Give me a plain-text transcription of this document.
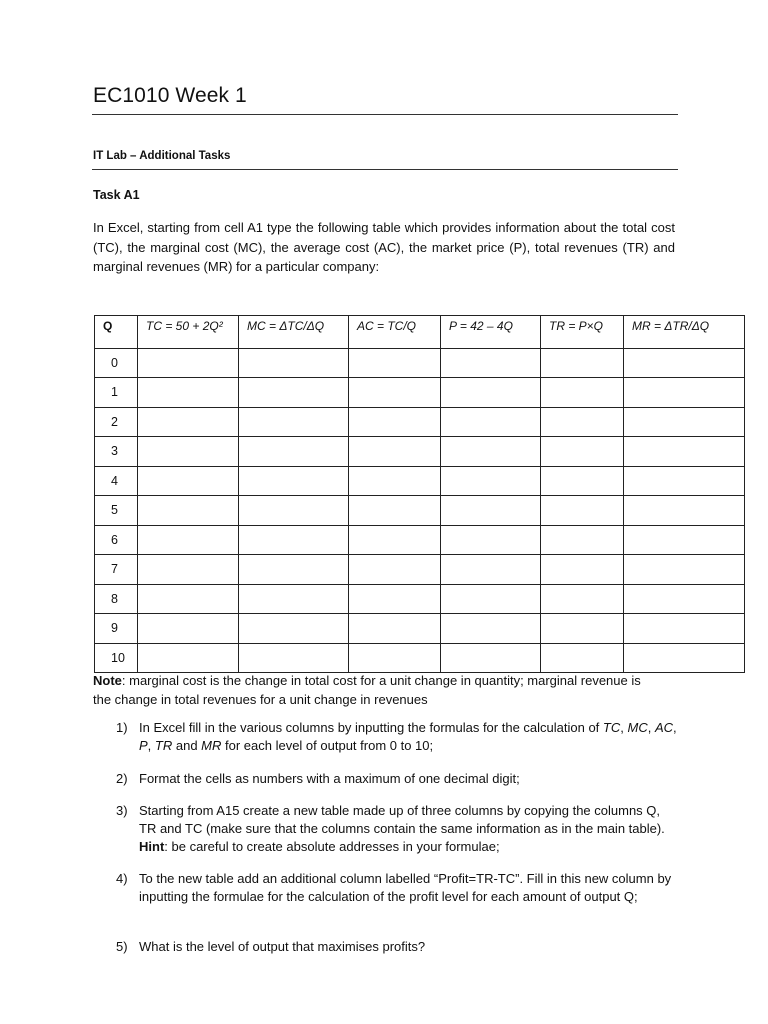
EC1010 Week 1
IT Lab – Additional Tasks
Task A1

In Excel, starting from cell A1 type the following table which provides information about the total cost (TC), the marginal cost (MC), the average cost (AC), the market price (P), total revenues (TR) and marginal revenues (MR) for a particular company:

Q	TC = 50 + 2Q²	MC = ΔTC/ΔQ	AC = TC/Q	P = 42 – 4Q	TR = P×Q	MR = ΔTR/ΔQ
0						
1						
2						
3						
4						
5						
6						
7						
8						
9						
10						

Note: marginal cost is the change in total cost for a unit change in quantity; marginal revenue is the change in total revenues for a unit change in revenues

1) In Excel fill in the various columns by inputting the formulas for the calculation of TC, MC, AC, P, TR and MR for each level of output from 0 to 10;
2) Format the cells as numbers with a maximum of one decimal digit;
3) Starting from A15 create a new table made up of three columns by copying the columns Q, TR and TC (make sure that the columns contain the same information as in the main table). Hint: be careful to create absolute addresses in your formulae;
4) To the new table add an additional column labelled “Profit=TR-TC”. Fill in this new column by inputting the formulae for the calculation of the profit level for each amount of output Q;
5) What is the level of output that maximises profits?
